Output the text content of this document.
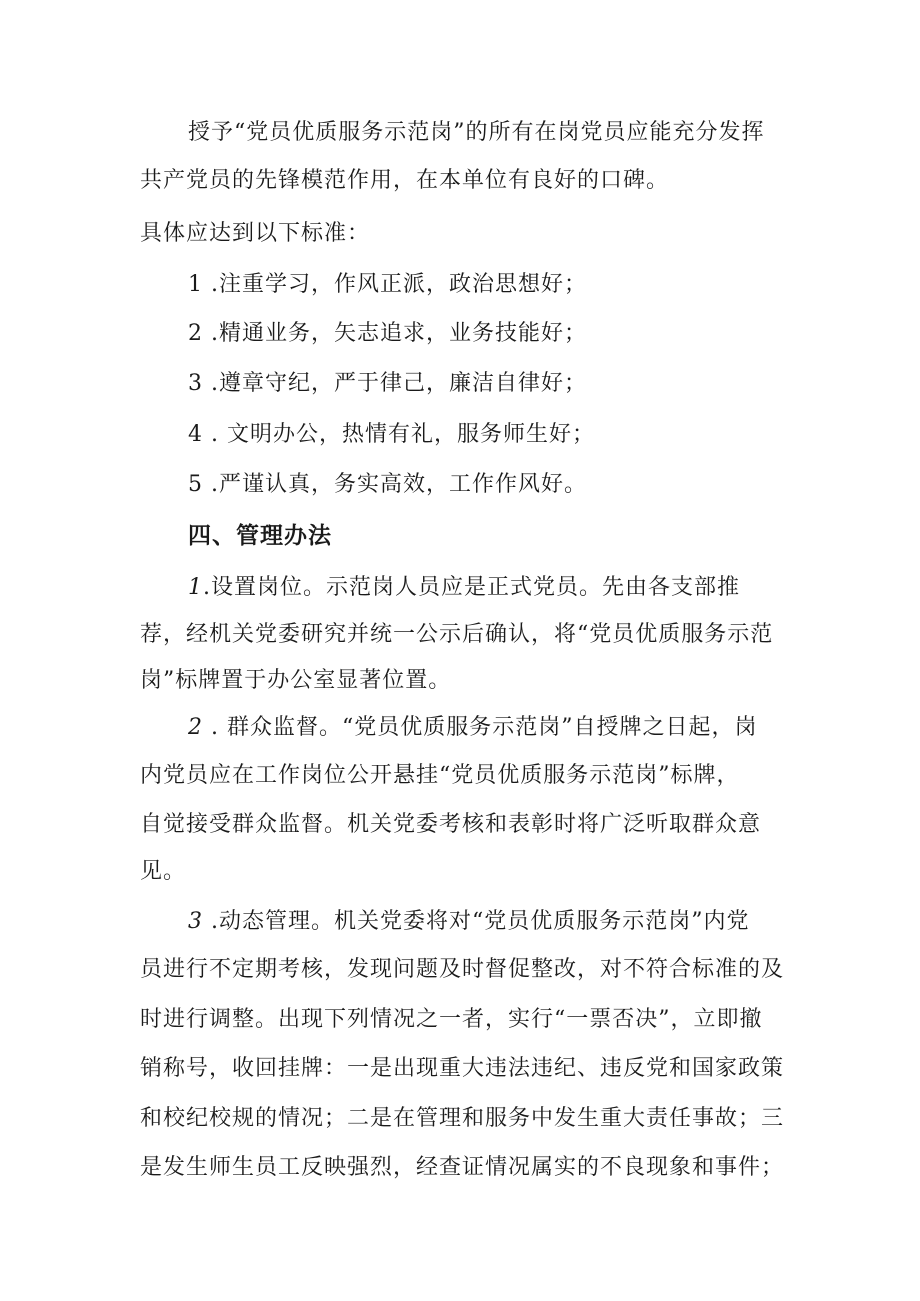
授予“党员优质服务示范岗”的所有在岗党员应能充分发挥
共产党员的先锋模范作用，在本单位有良好的口碑。
具体应达到以下标准：
1 .注重学习，作风正派，政治思想好；
2 .精通业务，矢志追求，业务技能好；
3 .遵章守纪，严于律己，廉洁自律好；
4 . 文明办公，热情有礼，服务师生好；
5 .严谨认真，务实高效，工作作风好。
四、管理办法
1.设置岗位。示范岗人员应是正式党员。先由各支部推
荐，经机关党委研究并统一公示后确认，将“党员优质服务示范
岗”标牌置于办公室显著位置。
2 . 群众监督。“党员优质服务示范岗”自授牌之日起，岗
内党员应在工作岗位公开悬挂“党员优质服务示范岗”标牌，
自觉接受群众监督。机关党委考核和表彰时将广泛听取群众意
见。
3 .动态管理。机关党委将对“党员优质服务示范岗”内党
员进行不定期考核，发现问题及时督促整改，对不符合标准的及
时进行调整。出现下列情况之一者，实行“一票否决”，立即撤
销称号，收回挂牌：一是出现重大违法违纪、违反党和国家政策
和校纪校规的情况；二是在管理和服务中发生重大责任事故；三
是发生师生员工反映强烈，经查证情况属实的不良现象和事件；
